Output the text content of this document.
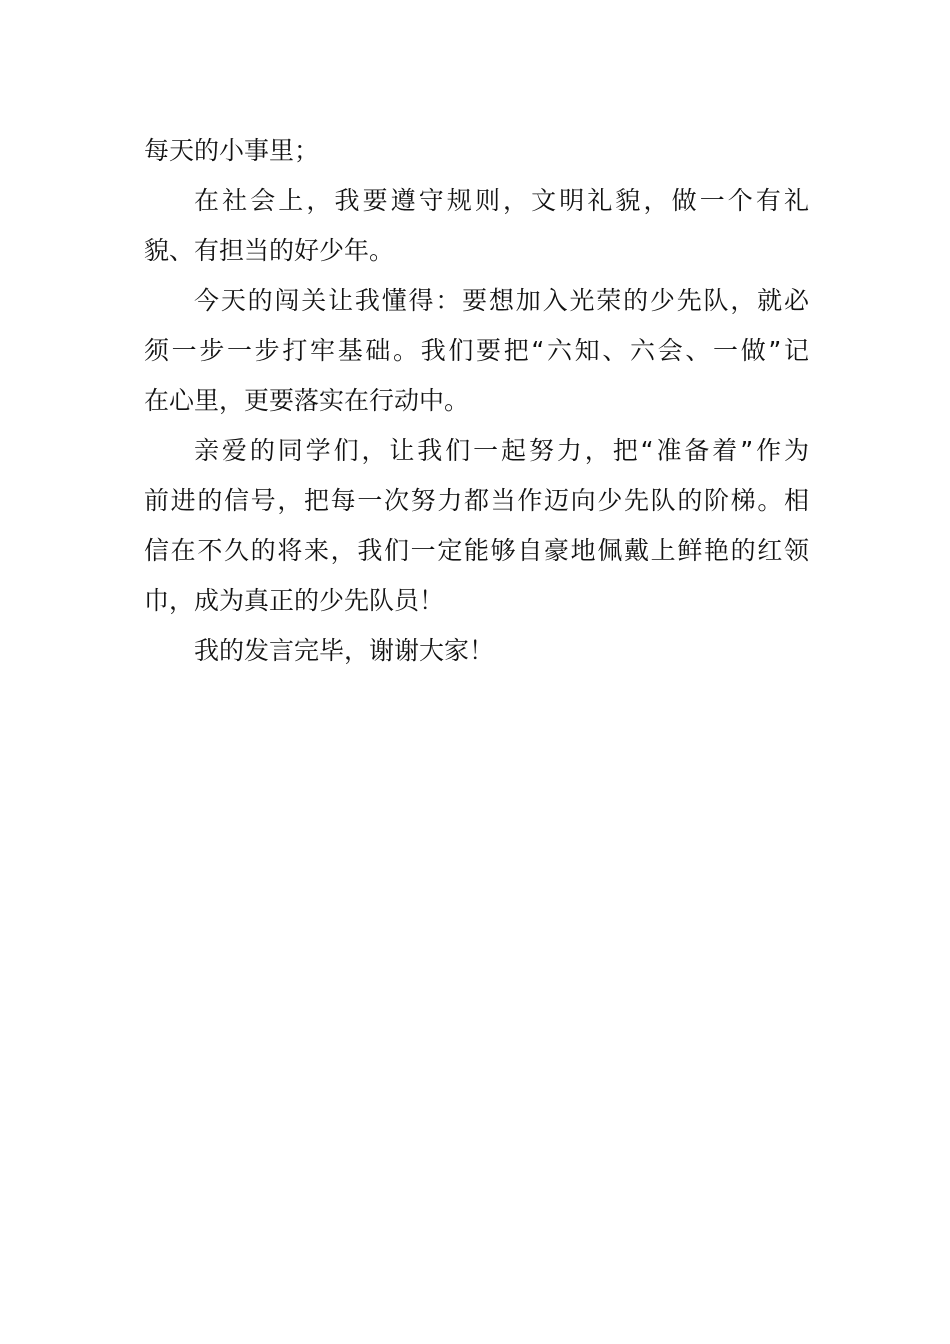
每天的小事里；
在社会上，我要遵守规则，文明礼貌，做一个有礼
貌、有担当的好少年。
今天的闯关让我懂得：要想加入光荣的少先队，就必
须一步一步打牢基础。我们要把“六知、六会、一做”记
在心里，更要落实在行动中。
亲爱的同学们，让我们一起努力，把“准备着”作为
前进的信号，把每一次努力都当作迈向少先队的阶梯。相
信在不久的将来，我们一定能够自豪地佩戴上鲜艳的红领
巾，成为真正的少先队员！
我的发言完毕，谢谢大家！
